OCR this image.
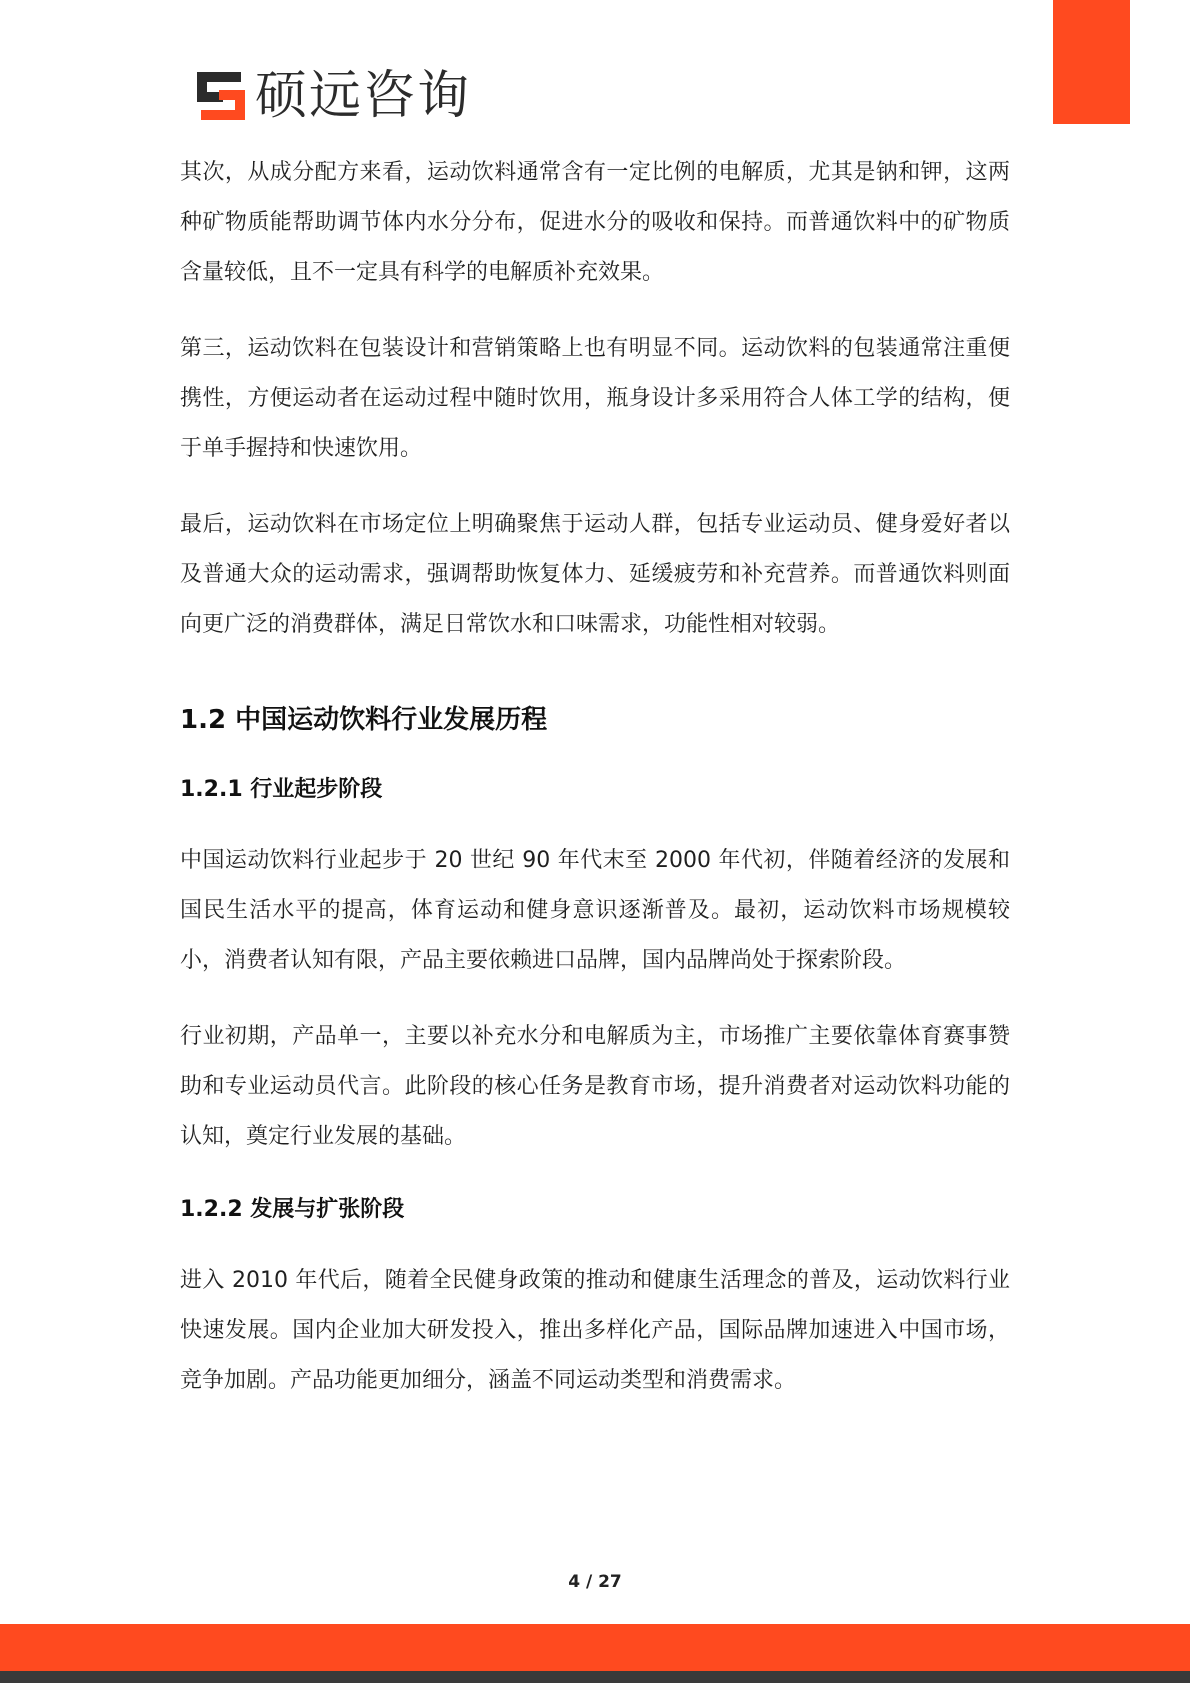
硕远咨询

其次，从成分配方来看，运动饮料通常含有一定比例的电解质，尤其是钠和钾，这两种矿物质能帮助调节体内水分分布，促进水分的吸收和保持。而普通饮料中的矿物质含量较低，且不一定具有科学的电解质补充效果。

第三，运动饮料在包装设计和营销策略上也有明显不同。运动饮料的包装通常注重便携性，方便运动者在运动过程中随时饮用，瓶身设计多采用符合人体工学的结构，便于单手握持和快速饮用。

最后，运动饮料在市场定位上明确聚焦于运动人群，包括专业运动员、健身爱好者以及普通大众的运动需求，强调帮助恢复体力、延缓疲劳和补充营养。而普通饮料则面向更广泛的消费群体，满足日常饮水和口味需求，功能性相对较弱。

1.2 中国运动饮料行业发展历程
1.2.1 行业起步阶段

中国运动饮料行业起步于 20 世纪 90 年代末至 2000 年代初，伴随着经济的发展和国民生活水平的提高，体育运动和健身意识逐渐普及。最初，运动饮料市场规模较小，消费者认知有限，产品主要依赖进口品牌，国内品牌尚处于探索阶段。

行业初期，产品单一，主要以补充水分和电解质为主，市场推广主要依靠体育赛事赞助和专业运动员代言。此阶段的核心任务是教育市场，提升消费者对运动饮料功能的认知，奠定行业发展的基础。

1.2.2 发展与扩张阶段

进入 2010 年代后，随着全民健身政策的推动和健康生活理念的普及，运动饮料行业快速发展。国内企业加大研发投入，推出多样化产品，国际品牌加速进入中国市场，竞争加剧。产品功能更加细分，涵盖不同运动类型和消费需求。

4 / 27
